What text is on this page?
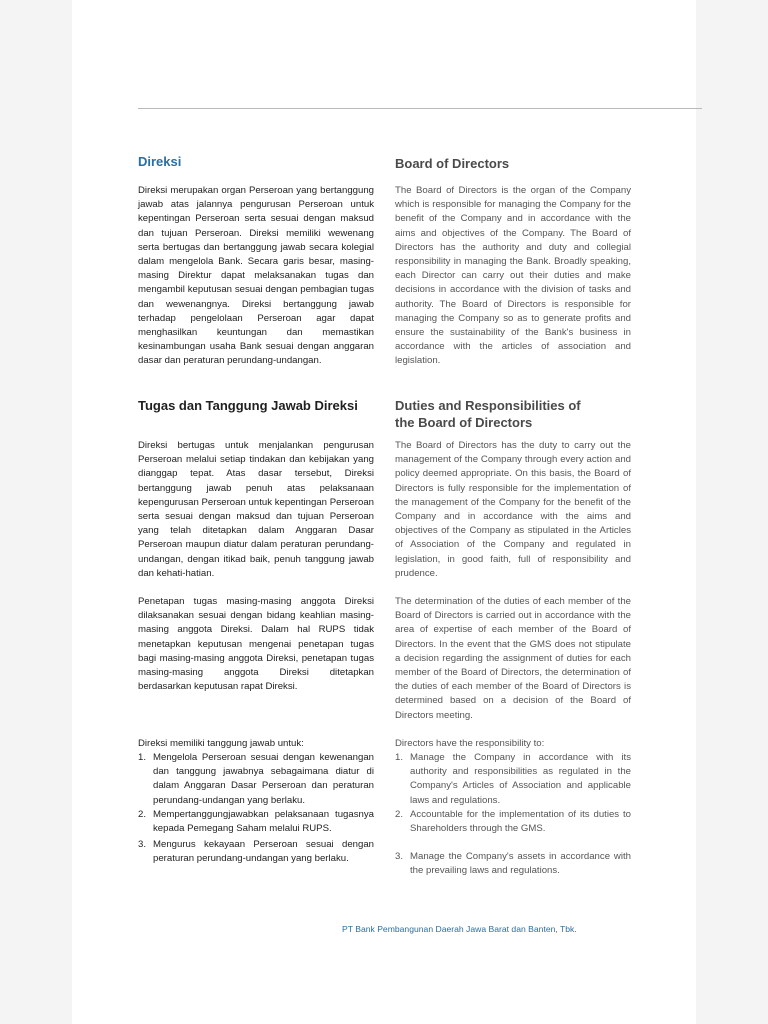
Direksi

Direksi merupakan organ Perseroan yang bertanggung jawab atas jalannya pengurusan Perseroan untuk kepentingan Perseroan serta sesuai dengan maksud dan tujuan Perseroan. Direksi memiliki wewenang serta bertugas dan bertanggung jawab secara kolegial dalam mengelola Bank. Secara garis besar, masing-masing Direktur dapat melaksanakan tugas dan mengambil keputusan sesuai dengan pembagian tugas dan wewenangnya. Direksi bertanggung jawab terhadap pengelolaan Perseroan agar dapat menghasilkan keuntungan dan memastikan kesinambungan usaha Bank sesuai dengan anggaran dasar dan peraturan perundang-undangan.

Tugas dan Tanggung Jawab Direksi

Direksi bertugas untuk menjalankan pengurusan Perseroan melalui setiap tindakan dan kebijakan yang dianggap tepat. Atas dasar tersebut, Direksi bertanggung jawab penuh atas pelaksanaan kepengurusan Perseroan untuk kepentingan Perseroan serta sesuai dengan maksud dan tujuan Perseroan yang telah ditetapkan dalam Anggaran Dasar Perseroan maupun diatur dalam peraturan perundang-undangan, dengan itikad baik, penuh tanggung jawab dan kehati-hatian.

Penetapan tugas masing-masing anggota Direksi dilaksanakan sesuai dengan bidang keahlian masing-masing anggota Direksi. Dalam hal RUPS tidak menetapkan keputusan mengenai penetapan tugas bagi masing-masing anggota Direksi, penetapan tugas masing-masing anggota Direksi ditetapkan berdasarkan keputusan rapat Direksi.

Direksi memiliki tanggung jawab untuk:

1. Mengelola Perseroan sesuai dengan kewenangan dan tanggung jawabnya sebagaimana diatur di dalam Anggaran Dasar Perseroan dan peraturan perundang-undangan yang berlaku.
2. Mempertanggungjawabkan pelaksanaan tugasnya kepada Pemegang Saham melalui RUPS.
3. Mengurus kekayaan Perseroan sesuai dengan peraturan perundang-undangan yang berlaku.
Board of Directors

The Board of Directors is the organ of the Company which is responsible for managing the Company for the benefit of the Company and in accordance with the aims and objectives of the Company. The Board of Directors has the authority and duty and collegial responsibility in managing the Bank. Broadly speaking, each Director can carry out their duties and make decisions in accordance with the division of tasks and authority. The Board of Directors is responsible for managing the Company so as to generate profits and ensure the sustainability of the Bank's business in accordance with the articles of association and legislation.

Duties and Responsibilities of
the Board of Directors

The Board of Directors has the duty to carry out the management of the Company through every action and policy deemed appropriate. On this basis, the Board of Directors is fully responsible for the implementation of the management of the Company for the benefit of the Company and in accordance with the aims and objectives of the Company as stipulated in the Articles of Association of the Company and regulated in legislation, in good faith, full of responsibility and prudence.

The determination of the duties of each member of the Board of Directors is carried out in accordance with the area of expertise of each member of the Board of Directors. In the event that the GMS does not stipulate a decision regarding the assignment of duties for each member of the Board of Directors, the determination of the duties of each member of the Board of Directors is determined based on a decision of the Board of Directors meeting.

Directors have the responsibility to:

1. Manage the Company in accordance with its authority and responsibilities as regulated in the Company's Articles of Association and applicable laws and regulations.
2. Accountable for the implementation of its duties to Shareholders through the GMS.
3. Manage the Company's assets in accordance with the prevailing laws and regulations.
PT Bank Pembangunan Daerah Jawa Barat dan Banten, Tbk.
